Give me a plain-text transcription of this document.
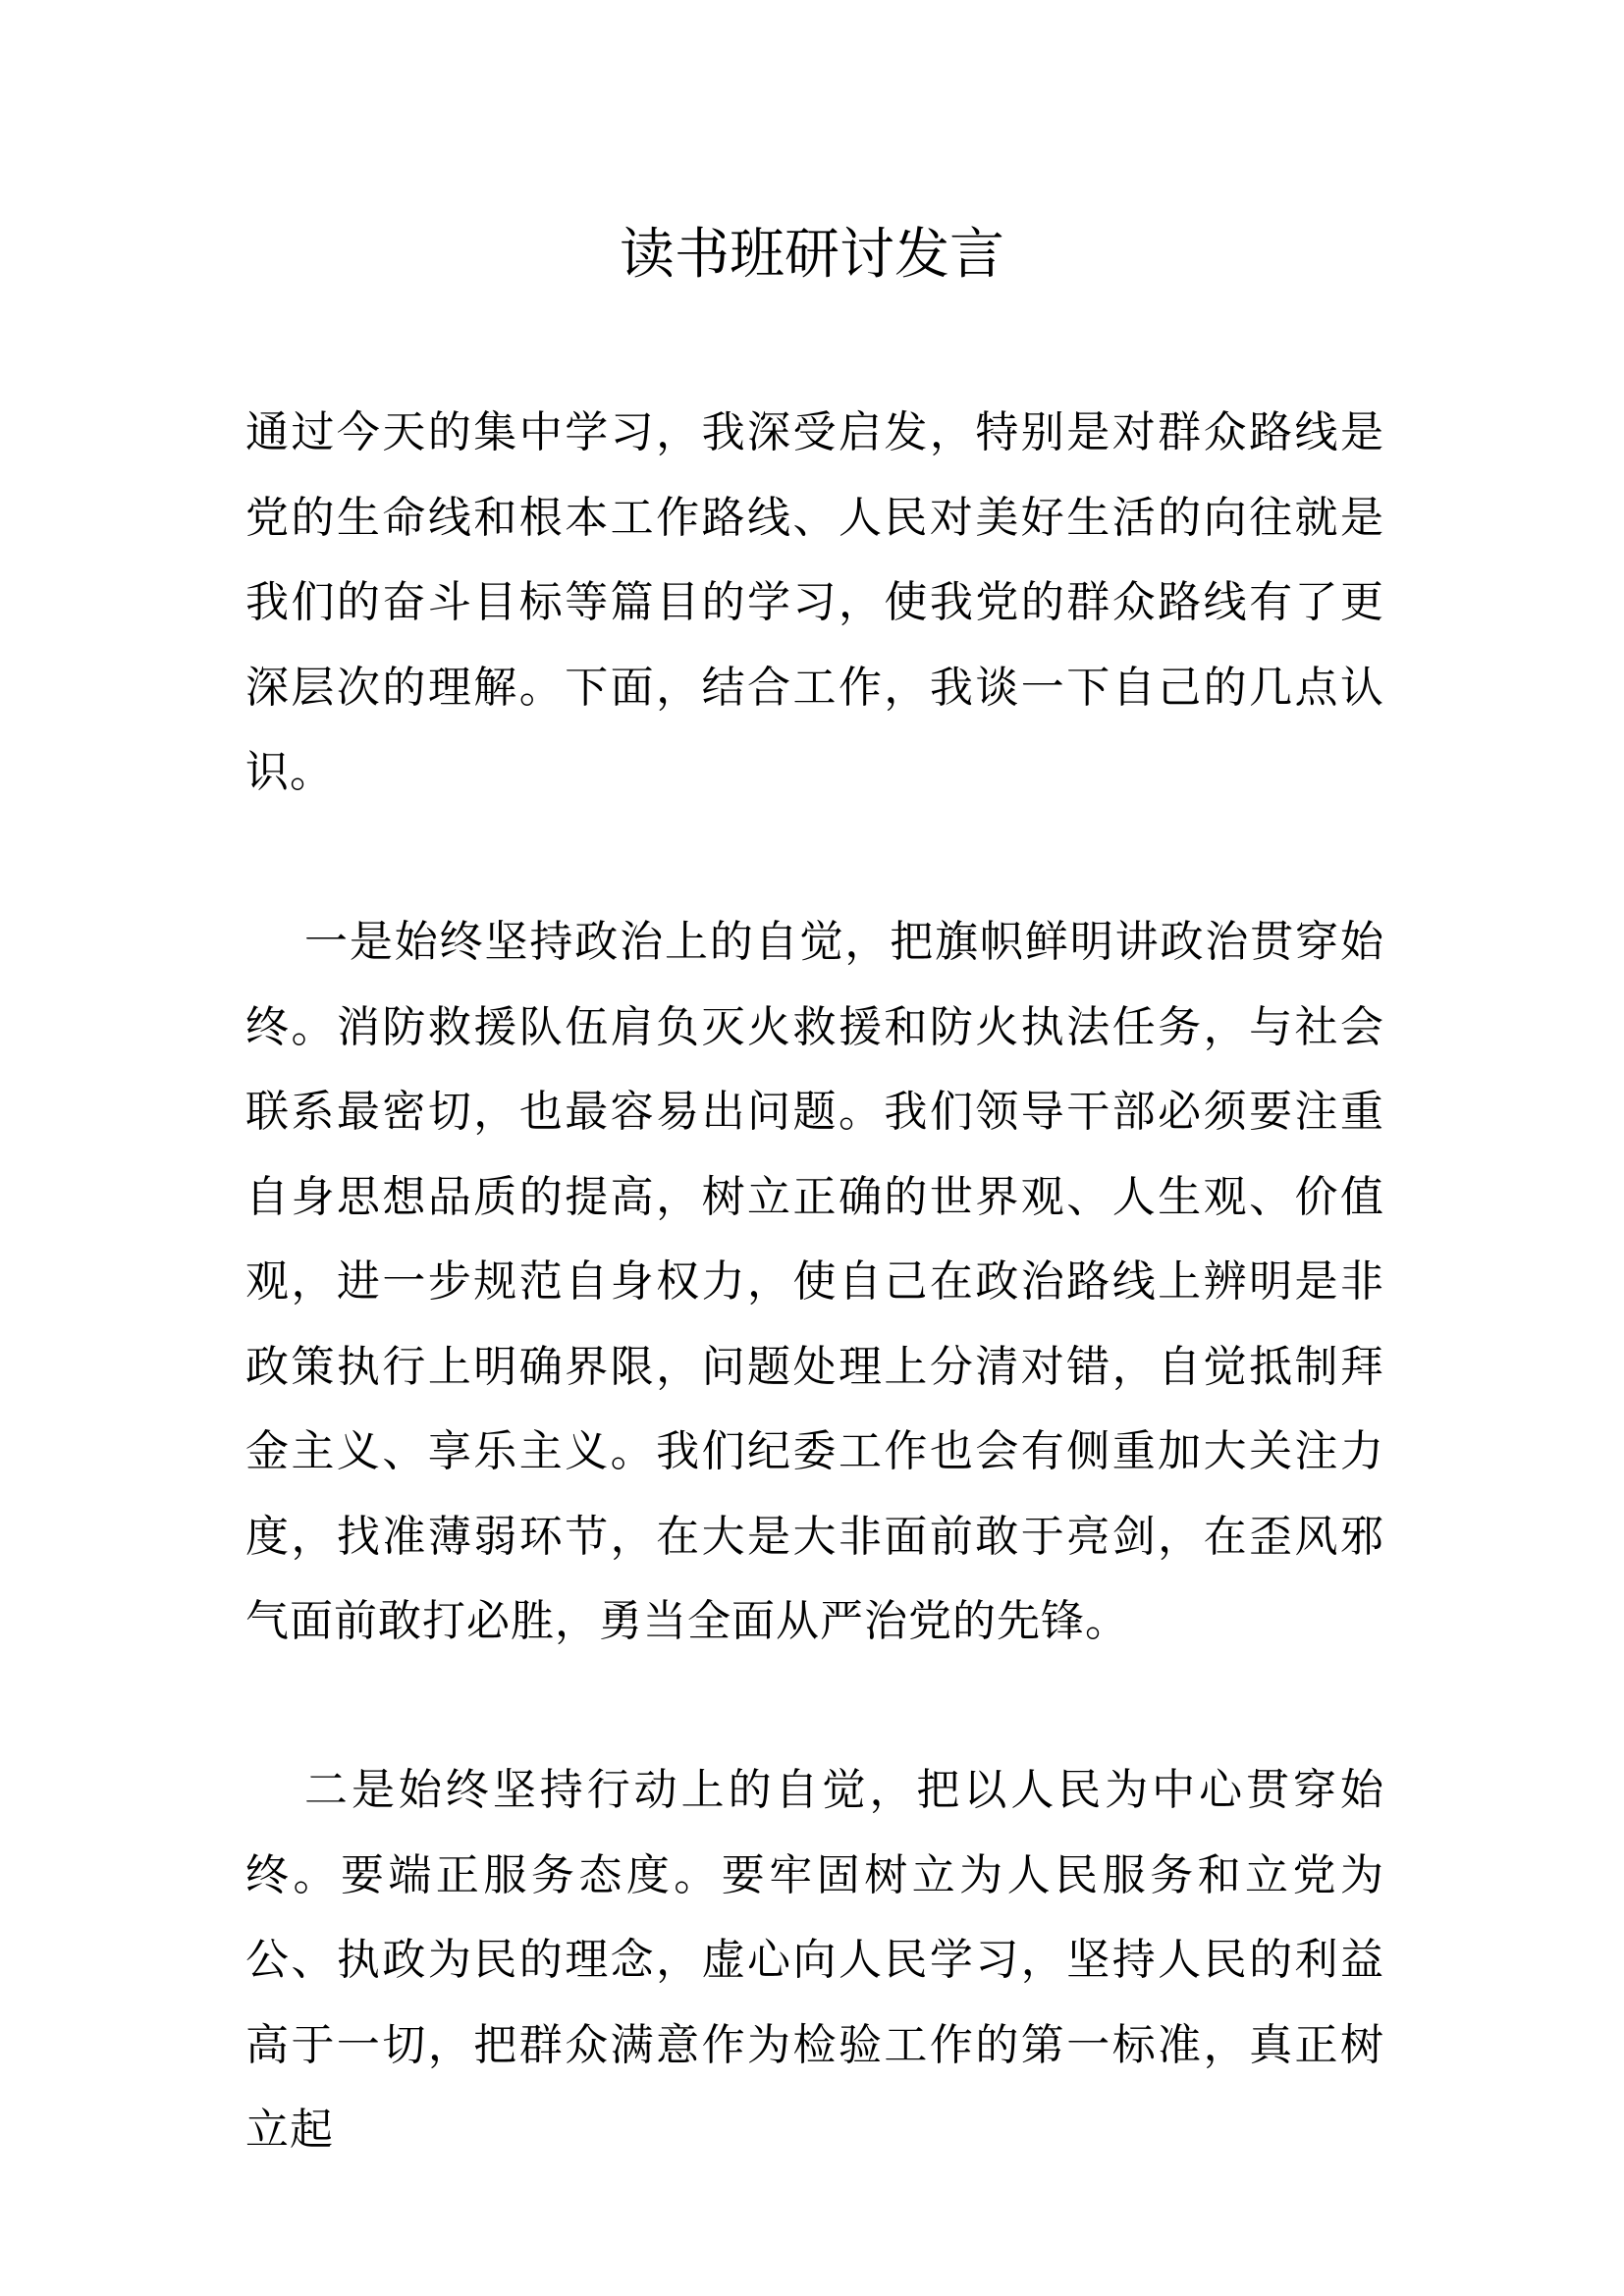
读书班研讨发言

通过今天的集中学习，我深受启发，特别是对群众路线是党的生命线和根本工作路线、人民对美好生活的向往就是我们的奋斗目标等篇目的学习，使我党的群众路线有了更深层次的理解。下面，结合工作，我谈一下自己的几点认识。

一是始终坚持政治上的自觉，把旗帜鲜明讲政治贯穿始终。消防救援队伍肩负灭火救援和防火执法任务，与社会联系最密切，也最容易出问题。我们领导干部必须要注重自身思想品质的提高，树立正确的世界观、人生观、价值观，进一步规范自身权力，使自己在政治路线上辨明是非政策执行上明确界限，问题处理上分清对错，自觉抵制拜金主义、享乐主义。我们纪委工作也会有侧重加大关注力度，找准薄弱环节，在大是大非面前敢于亮剑，在歪风邪气面前敢打必胜，勇当全面从严治党的先锋。

二是始终坚持行动上的自觉，把以人民为中心贯穿始终。要端正服务态度。要牢固树立为人民服务和立党为公、执政为民的理念，虚心向人民学习，坚持人民的利益高于一切，把群众满意作为检验工作的第一标准，真正树立起
